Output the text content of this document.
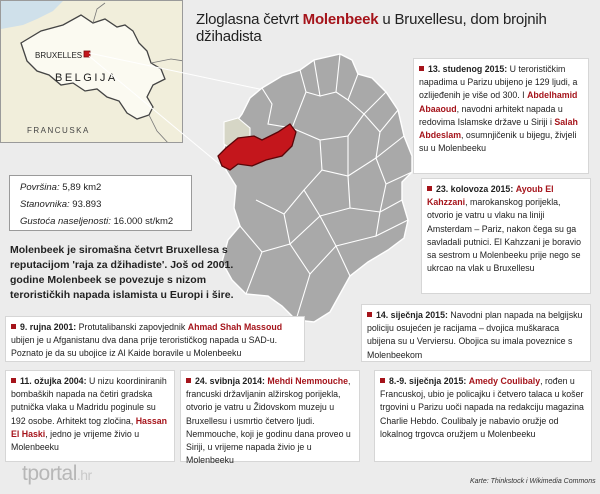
Zloglasna četvrt Molenbeek u Bruxellesu, dom brojnih džihadista
BRUXELLES
BELGIJA
FRANCUSKA
Površina: 5,89 km2
Stanovnika: 93.893
Gustoća naseljenosti: 16.000 st/km2
Molenbeek je siromašna četvrt Bruxellesa s reputacijom 'raja za džihadiste'. Još od 2001. godine Molenbeek se povezuje s nizom terorističkih napada islamista u Europi i šire.
13. studenog 2015: U terorističkim napadima u Parizu ubijeno je 129 ljudi, a ozlijeđenih je više od 300. I Abdelhamid Abaaoud, navodni arhitekt napada u redovima Islamske države u Siriji i Salah Abdeslam, osumnjičenik u bijegu, živjeli su u Molenbeeku
23. kolovoza 2015: Ayoub El Kahzzani, marokanskog porijekla, otvorio je vatru u vlaku na liniji Amsterdam – Pariz, nakon čega su ga savladali putnici. El Kahzzani je boravio sa sestrom u Molenbeeku prije nego se ukrcao na vlak u Bruxellesu
14. siječnja 2015: Navodni plan napada na belgijsku policiju osujećen je racijama – dvojica muškaraca ubijena su u Verviersu. Obojica su imala poveznice s Molenbeekom
9. rujna 2001: Protutalibanski zapovjednik Ahmad Shah Massoud ubijen je u Afganistanu dva dana prije terorističkog napada u SAD-u. Poznato je da su ubojice iz Al Kaide boravile u Molenbeeku
11. ožujka 2004: U nizu koordiniranih bombaških napada na četiri gradska putnička vlaka u Madridu poginule su 192 osobe. Arhitekt tog zločina, Hassan El Haski, jedno je vrijeme živio u Molenbeeku
24. svibnja 2014: Mehdi Nemmouche, francuski državljanin alžirskog porijekla, otvorio je vatru u Židovskom muzeju u Bruxellesu i usmrtio četvero ljudi. Nemmouche, koji je godinu dana proveo u Siriji, u vrijeme napada živio je u Molenbeeku
8.-9. siječnja 2015: Amedy Coulibaly, rođen u Francuskoj, ubio je policajku i četvero talaca u košer trgovini u Parizu uoči napada na redakciju magazina Charlie Hebdo. Coulibaly je nabavio oružje od lokalnog trgovca oružjem u Molenbeeku
tportal.hr	Karte: Thinkstock i Wikimedia Commons
